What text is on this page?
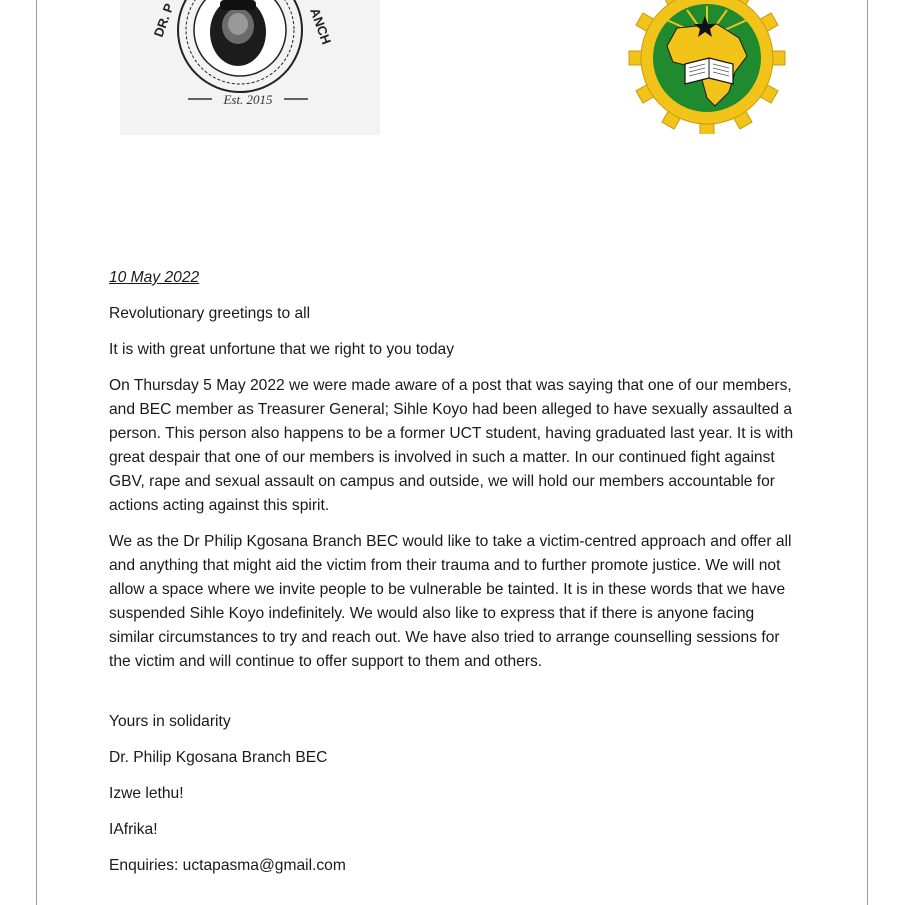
DR. P	ANCH
Est. 2015

10 May 2022

Revolutionary greetings to all

It is with great unfortune that we right to you today

On Thursday 5 May 2022 we were made aware of a post that was saying that one of our members, and BEC member as Treasurer General; Sihle Koyo had been alleged to have sexually assaulted a person. This person also happens to be a former UCT student, having graduated last year. It is with great despair that one of our members is involved in such a matter. In our continued fight against GBV, rape and sexual assault on campus and outside, we will hold our members accountable for actions acting against this spirit.

We as the Dr Philip Kgosana Branch BEC would like to take a victim-centred approach and offer all and anything that might aid the victim from their trauma and to further promote justice. We will not allow a space where we invite people to be vulnerable be tainted. It is in these words that we have suspended Sihle Koyo indefinitely. We would also like to express that if there is anyone facing similar circumstances to try and reach out. We have also tried to arrange counselling sessions for the victim and will continue to offer support to them and others.

Yours in solidarity

Dr. Philip Kgosana Branch BEC

Izwe lethu!

IAfrika!

Enquiries: uctapasma@gmail.com
